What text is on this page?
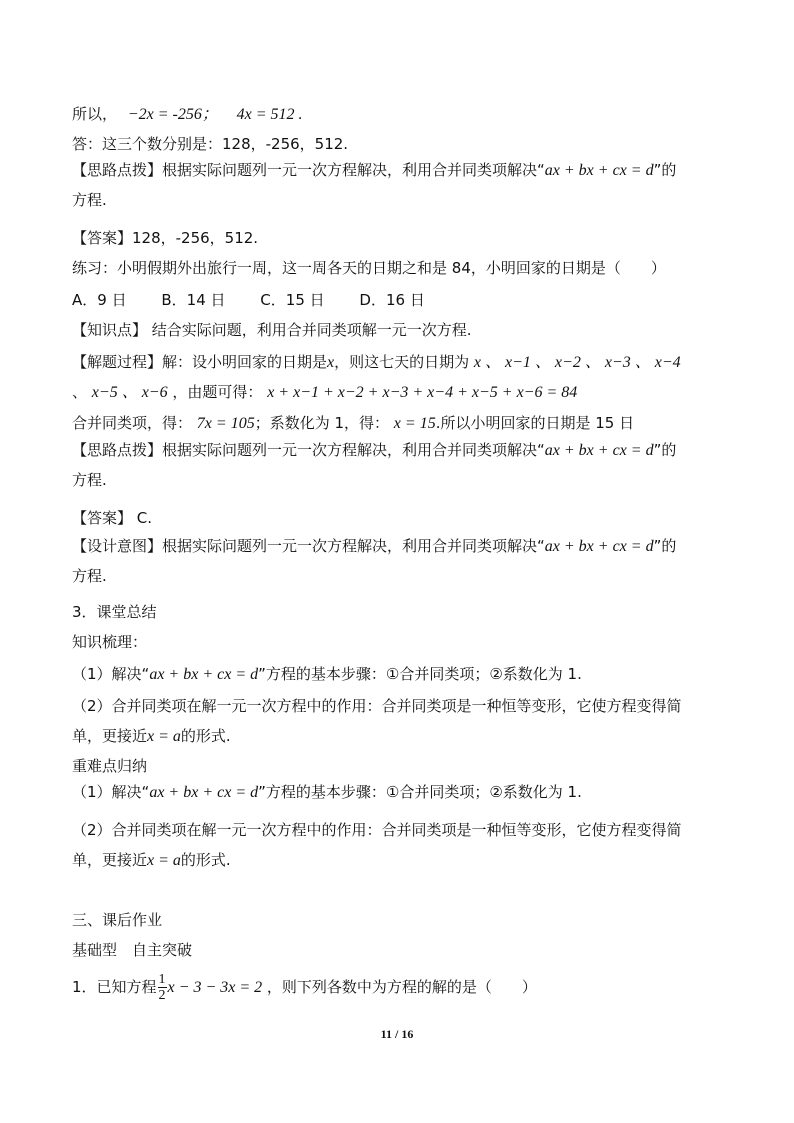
所以， −2x = -256； 4x = 512 .
答：这三个数分别是：128，-256，512.
【思路点拨】根据实际问题列一元一次方程解决，利用合并同类项解决“ax + bx + cx = d”的
方程.
【答案】128，-256，512.
练习：小明假期外出旅行一周，这一周各天的日期之和是 84，小明回家的日期是（　　）
A．9 日 B．14 日 C．15 日 D．16 日
【知识点】 结合实际问题，利用合并同类项解一元一次方程.
【解题过程】解：设小明回家的日期是x，则这七天的日期为 x 、 x−1 、 x−2 、 x−3 、 x−4
、 x−5 、 x−6 ，由题可得： x + x−1 + x−2 + x−3 + x−4 + x−5 + x−6 = 84
合并同类项，得： 7x = 105；系数化为 1，得： x = 15.所以小明回家的日期是 15 日
【思路点拨】根据实际问题列一元一次方程解决，利用合并同类项解决“ax + bx + cx = d”的
方程.
【答案】 C.
【设计意图】根据实际问题列一元一次方程解决，利用合并同类项解决“ax + bx + cx = d”的
方程.
3．课堂总结
知识梳理：
（1）解决“ax + bx + cx = d”方程的基本步骤：①合并同类项；②系数化为 1.
（2）合并同类项在解一元一次方程中的作用：合并同类项是一种恒等变形，它使方程变得简
单，更接近x = a的形式.
重难点归纳
（1）解决“ax + bx + cx = d”方程的基本步骤：①合并同类项；②系数化为 1.
（2）合并同类项在解一元一次方程中的作用：合并同类项是一种恒等变形，它使方程变得简
单，更接近x = a的形式.
三、课后作业
基础型　自主突破
1．已知方程 $\frac{1}{2}$ x − 3 − 3x = 2 ，则下列各数中为方程的解的是（　　）
11 / 16
